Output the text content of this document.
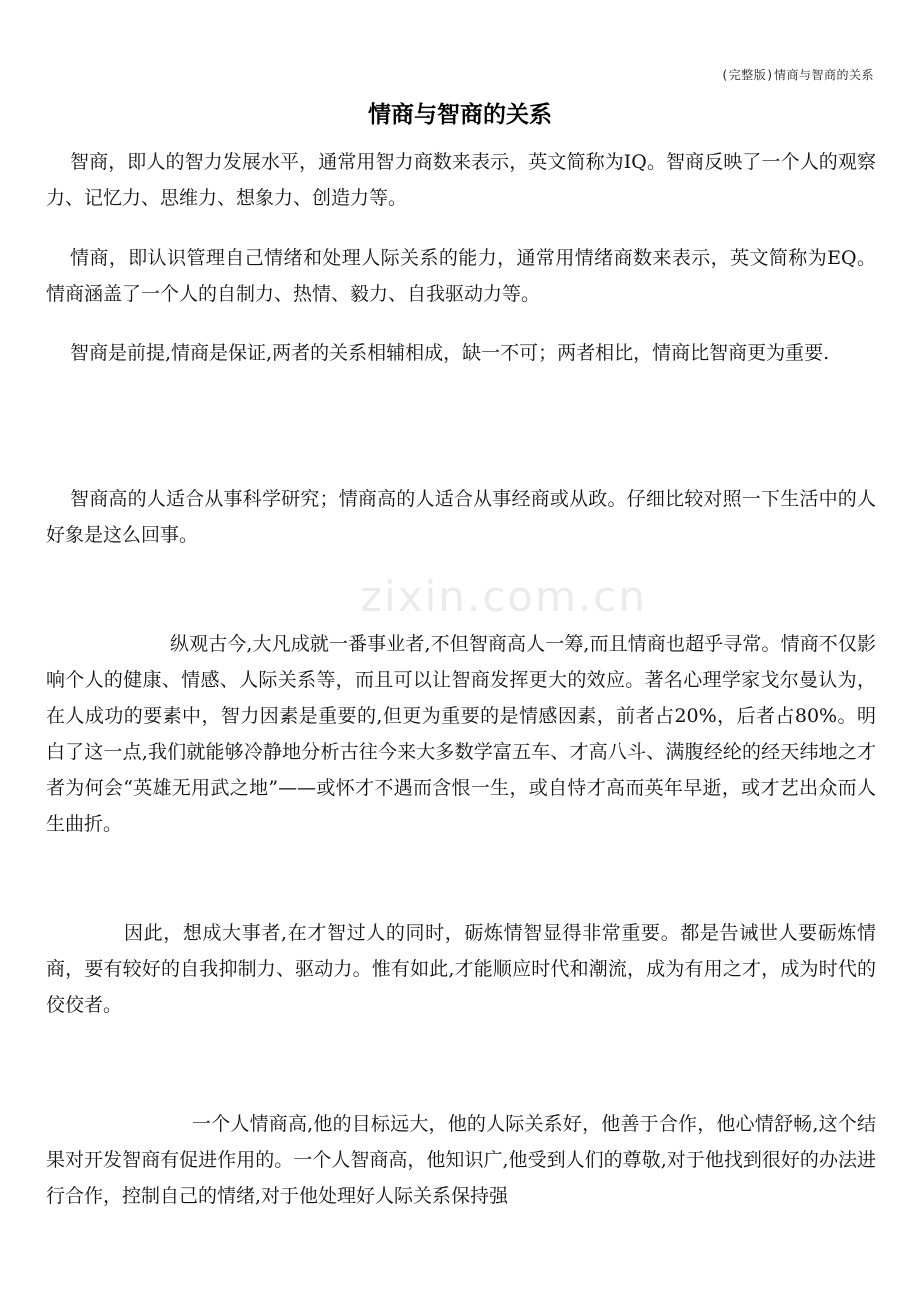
(完整版)情商与智商的关系
情商与智商的关系
zixin.com.cn

智商，即人的智力发展水平，通常用智力商数来表示，英文简称为IQ。智商反映了一个人的观察力、记忆力、思维力、想象力、创造力等。

情商，即认识管理自己情绪和处理人际关系的能力，通常用情绪商数来表示，英文简称为EQ。情商涵盖了一个人的自制力、热情、毅力、自我驱动力等。

智商是前提,情商是保证,两者的关系相辅相成，缺一不可；两者相比，情商比智商更为重要.

智商高的人适合从事科学研究；情商高的人适合从事经商或从政。仔细比较对照一下生活中的人好象是这么回事。

纵观古今,大凡成就一番事业者,不但智商高人一筹,而且情商也超乎寻常。情商不仅影响个人的健康、情感、人际关系等，而且可以让智商发挥更大的效应。著名心理学家戈尔曼认为，在人成功的要素中，智力因素是重要的,但更为重要的是情感因素，前者占20%，后者占80%。明白了这一点,我们就能够冷静地分析古往今来大多数学富五车、才高八斗、满腹经纶的经天纬地之才者为何会“英雄无用武之地”——或怀才不遇而含恨一生，或自恃才高而英年早逝，或才艺出众而人生曲折。

因此，想成大事者,在才智过人的同时，砺炼情智显得非常重要。都是告诫世人要砺炼情商，要有较好的自我抑制力、驱动力。惟有如此,才能顺应时代和潮流，成为有用之才，成为时代的佼佼者。

一个人情商高,他的目标远大，他的人际关系好，他善于合作，他心情舒畅,这个结果对开发智商有促进作用的。一个人智商高，他知识广,他受到人们的尊敬,对于他找到很好的办法进行合作，控制自己的情绪,对于他处理好人际关系保持强
